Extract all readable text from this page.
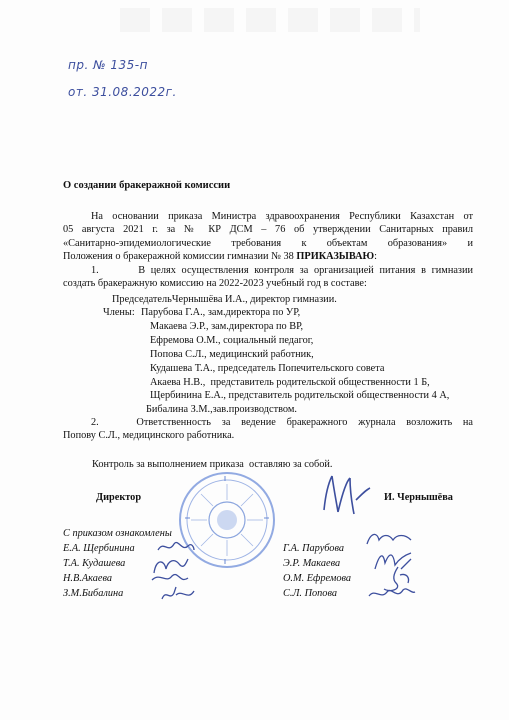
пр. № 135-п
от. 31.08.2022г.
О создании бракеражной комиссии
На основании приказа Министра здравоохранения Республики Казахстан от
05 августа 2021 г. за № КР ДСМ – 76 об утверждении Санитарных правил
«Санитарно-эпидемиологические требования к объектам образования» и
Положения о бракеражной комиссии гимназии № 38 ПРИКАЗЫВАЮ:
1.       В целях осуществления контроля за организацией питания в гимназии
создать бракеражную комиссию на 2022-2023 учебный год в составе:
ПредседательЧернышёва И.А., директор гимназии.
Члены: Парубова Г.А., зам.директора по УР,
Макаева Э.Р., зам.директора по ВР,
Ефремова О.М., социальный педагог,
Попова С.Л., медицинский работник,
Кудашева Т.А., председатель Попечительского совета
Акаева Н.В.,  представитель родительской общественности 1 Б,
Щербинина Е.А., представитель родительской общественности 4 А,
Бибалина З.М.,зав.производством.
2.       Ответственность  за  ведение  бракеражного  журнала  возложить  на
Попову С.Л., медицинского работника.
Контроль за выполнением приказа  оставляю за собой.
Директор	И. Чернышёва
С приказом ознакомлены
Е.А. Щербинина
Т.А. Кудашева
Н.В.Акаева
З.М.Бибалина
Г.А. Парубова
Э.Р. Макаева
О.М. Ефремова
С.Л. Попова
